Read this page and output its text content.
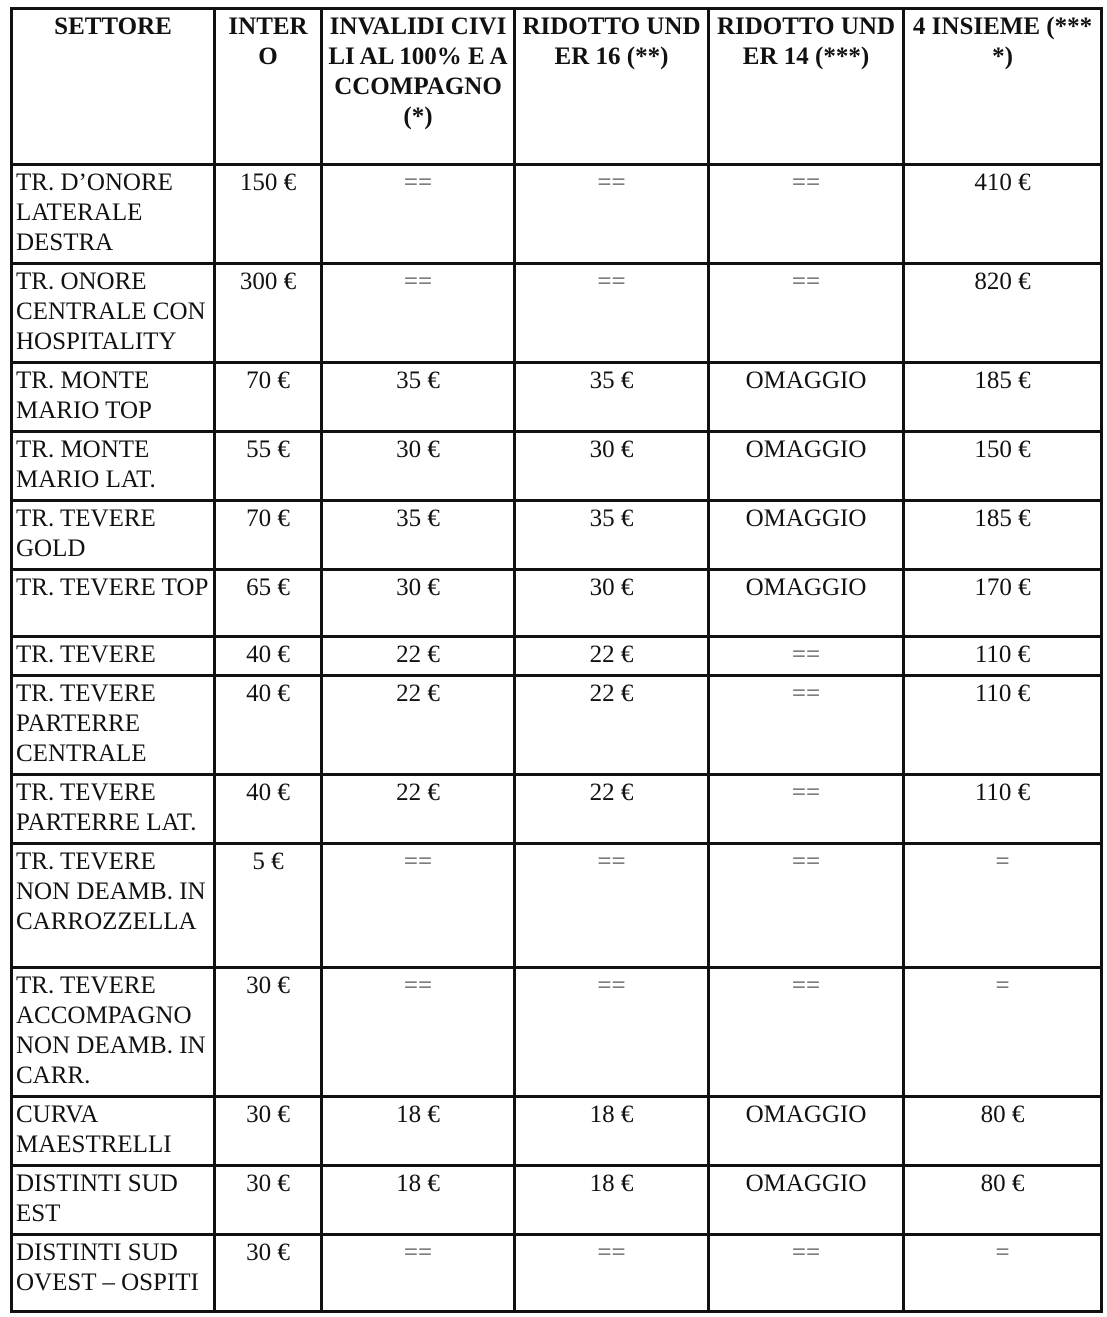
SETTORE	INTERO	INVALIDI CIVILI AL 100% E ACCOMPAGNO (*)	RIDOTTO UNDER 16 (**)	RIDOTTO UNDER 14 (***)	4 INSIEME (****)
TR. D’ONORE LATERALE DESTRA	150 €	==	==	==	410 €
TR. ONORE CENTRALE CON HOSPITALITY	300 €	==	==	==	820 €
TR. MONTE MARIO TOP	70 €	35 €	35 €	OMAGGIO	185 €
TR. MONTE MARIO LAT.	55 €	30 €	30 €	OMAGGIO	150 €
TR. TEVERE GOLD	70 €	35 €	35 €	OMAGGIO	185 €
TR. TEVERE TOP	65 €	30 €	30 €	OMAGGIO	170 €
TR. TEVERE	40 €	22 €	22 €	==	110 €
TR. TEVERE PARTERRE CENTRALE	40 €	22 €	22 €	==	110 €
TR. TEVERE PARTERRE LAT.	40 €	22 €	22 €	==	110 €
TR. TEVERE NON DEAMB. IN CARROZZELLA	5 €	==	==	==	=
TR. TEVERE ACCOMPAGNO NON DEAMB. IN CARR.	30 €	==	==	==	=
CURVA MAESTRELLI	30 €	18 €	18 €	OMAGGIO	80 €
DISTINTI SUD EST	30 €	18 €	18 €	OMAGGIO	80 €
DISTINTI SUD OVEST – OSPITI	30 €	==	==	==	=
